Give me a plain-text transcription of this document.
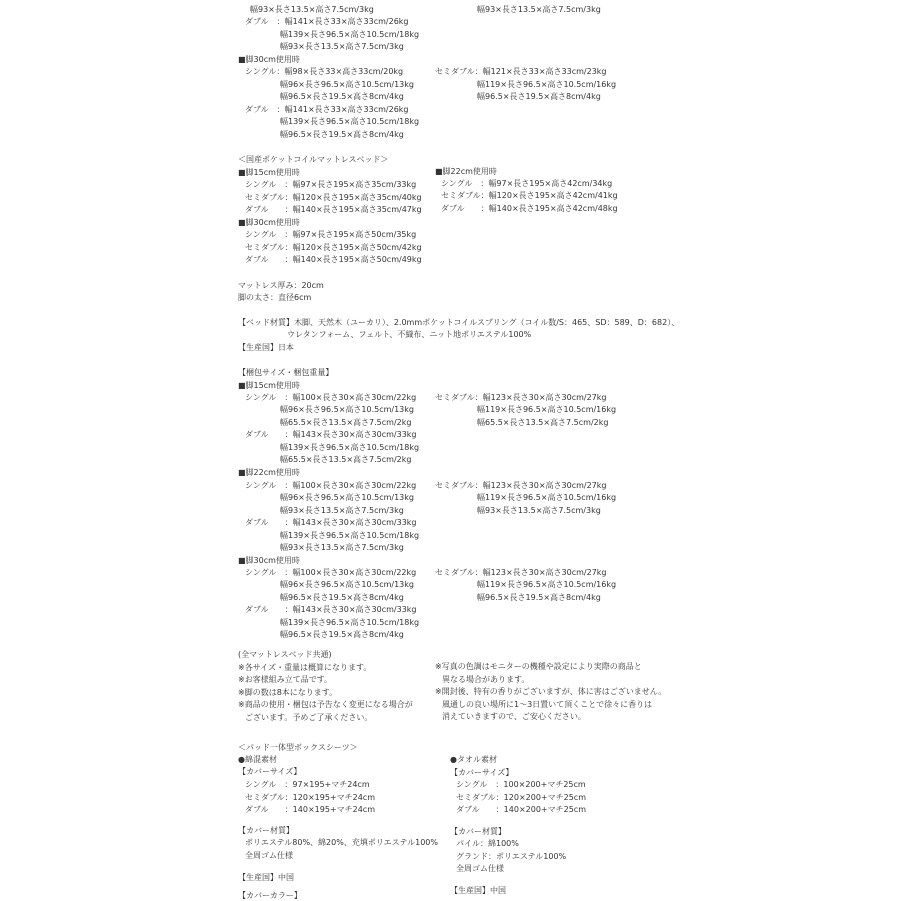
幅93×長さ13.5×高さ7.5cm/3kg
ダブル　：幅141×長さ33×高さ33cm/26kg
幅139×長さ96.5×高さ10.5cm/18kg
幅93×長さ13.5×高さ7.5cm/3kg
■脚30cm使用時
シングル：幅98×長さ33×高さ33cm/20kg
幅96×長さ96.5×高さ10.5cm/13kg
幅96.5×長さ19.5×高さ8cm/4kg
ダブル　：幅141×長さ33×高さ33cm/26kg
幅139×長さ96.5×高さ10.5cm/18kg
幅96.5×長さ19.5×高さ8cm/4kg
幅93×長さ13.5×高さ7.5cm/3kg
セミダブル：幅121×長さ33×高さ33cm/23kg
幅119×長さ96.5×高さ10.5cm/16kg
幅96.5×長さ19.5×高さ8cm/4kg
＜国産ポケットコイルマットレスベッド＞
■脚15cm使用時
シングル　：幅97×長さ195×高さ35cm/33kg
セミダブル：幅120×長さ195×高さ35cm/40kg
ダブル　　：幅140×長さ195×高さ35cm/47kg
■脚30cm使用時
シングル　：幅97×長さ195×高さ50cm/35kg
セミダブル：幅120×長さ195×高さ50cm/42kg
ダブル　　：幅140×長さ195×高さ50cm/49kg
■脚22cm使用時
シングル　：幅97×長さ195×高さ42cm/34kg
セミダブル：幅120×長さ195×高さ42cm/41kg
ダブル　　：幅140×長さ195×高さ42cm/48kg
マットレス厚み：20cm
脚の太さ：直径6cm
【ベッド材質】木脚、天然木（ユーカリ）、2.0mmポケットコイルスプリング（コイル数/S：465、SD：589、D：682）、
ウレタンフォーム、フェルト、不織布、ニット地ポリエステル100%
【生産国】日本
【梱包サイズ・梱包重量】
■脚15cm使用時
シングル　：幅100×長さ30×高さ30cm/22kg
幅96×長さ96.5×高さ10.5cm/13kg
幅65.5×長さ13.5×高さ7.5cm/2kg
ダブル　　：幅143×長さ30×高さ30cm/33kg
幅139×長さ96.5×高さ10.5cm/18kg
幅65.5×長さ13.5×高さ7.5cm/2kg
セミダブル：幅123×長さ30×高さ30cm/27kg
幅119×長さ96.5×高さ10.5cm/16kg
幅65.5×長さ13.5×高さ7.5cm/2kg
■脚22cm使用時
シングル　：幅100×長さ30×高さ30cm/22kg
幅96×長さ96.5×高さ10.5cm/13kg
幅93×長さ13.5×高さ7.5cm/3kg
ダブル　　：幅143×長さ30×高さ30cm/33kg
幅139×長さ96.5×高さ10.5cm/18kg
幅93×長さ13.5×高さ7.5cm/3kg
セミダブル：幅123×長さ30×高さ30cm/27kg
幅119×長さ96.5×高さ10.5cm/16kg
幅93×長さ13.5×高さ7.5cm/3kg
■脚30cm使用時
シングル　：幅100×長さ30×高さ30cm/22kg
幅96×長さ96.5×高さ10.5cm/13kg
幅96.5×長さ19.5×高さ8cm/4kg
ダブル　　：幅143×長さ30×高さ30cm/33kg
幅139×長さ96.5×高さ10.5cm/18kg
幅96.5×長さ19.5×高さ8cm/4kg
セミダブル：幅123×長さ30×高さ30cm/27kg
幅119×長さ96.5×高さ10.5cm/16kg
幅96.5×長さ19.5×高さ8cm/4kg
(全マットレスベッド共通)
※各サイズ・重量は概算になります。
※お客様組み立て品です。
※脚の数は8本になります。
※商品の使用・梱包は予告なく変更になる場合が
ございます。予めご了承ください。
※写真の色調はモニターの機種や設定により実際の商品と
異なる場合があります。
※開封後、特有の香りがございますが、体に害はございません。
風通しの良い場所に1～3日置いて頂くことで徐々に香りは
消えていきますので、ご安心ください。
＜パッド一体型ボックスシーツ＞
●綿混素材
【カバーサイズ】
シングル　：97×195+マチ24cm
セミダブル：120×195+マチ24cm
ダブル　　：140×195+マチ24cm
【カバー材質】
ポリエステル80%、綿20%、充填ポリエステル100%
全周ゴム仕様
【生産国】中国
【カバーカラー】
●タオル素材
【カバーサイズ】
シングル　：100×200+マチ25cm
セミダブル：120×200+マチ25cm
ダブル　　：140×200+マチ25cm
【カバー材質】
パイル：綿100%
グランド：ポリエステル100%
全周ゴム仕様
【生産国】中国
